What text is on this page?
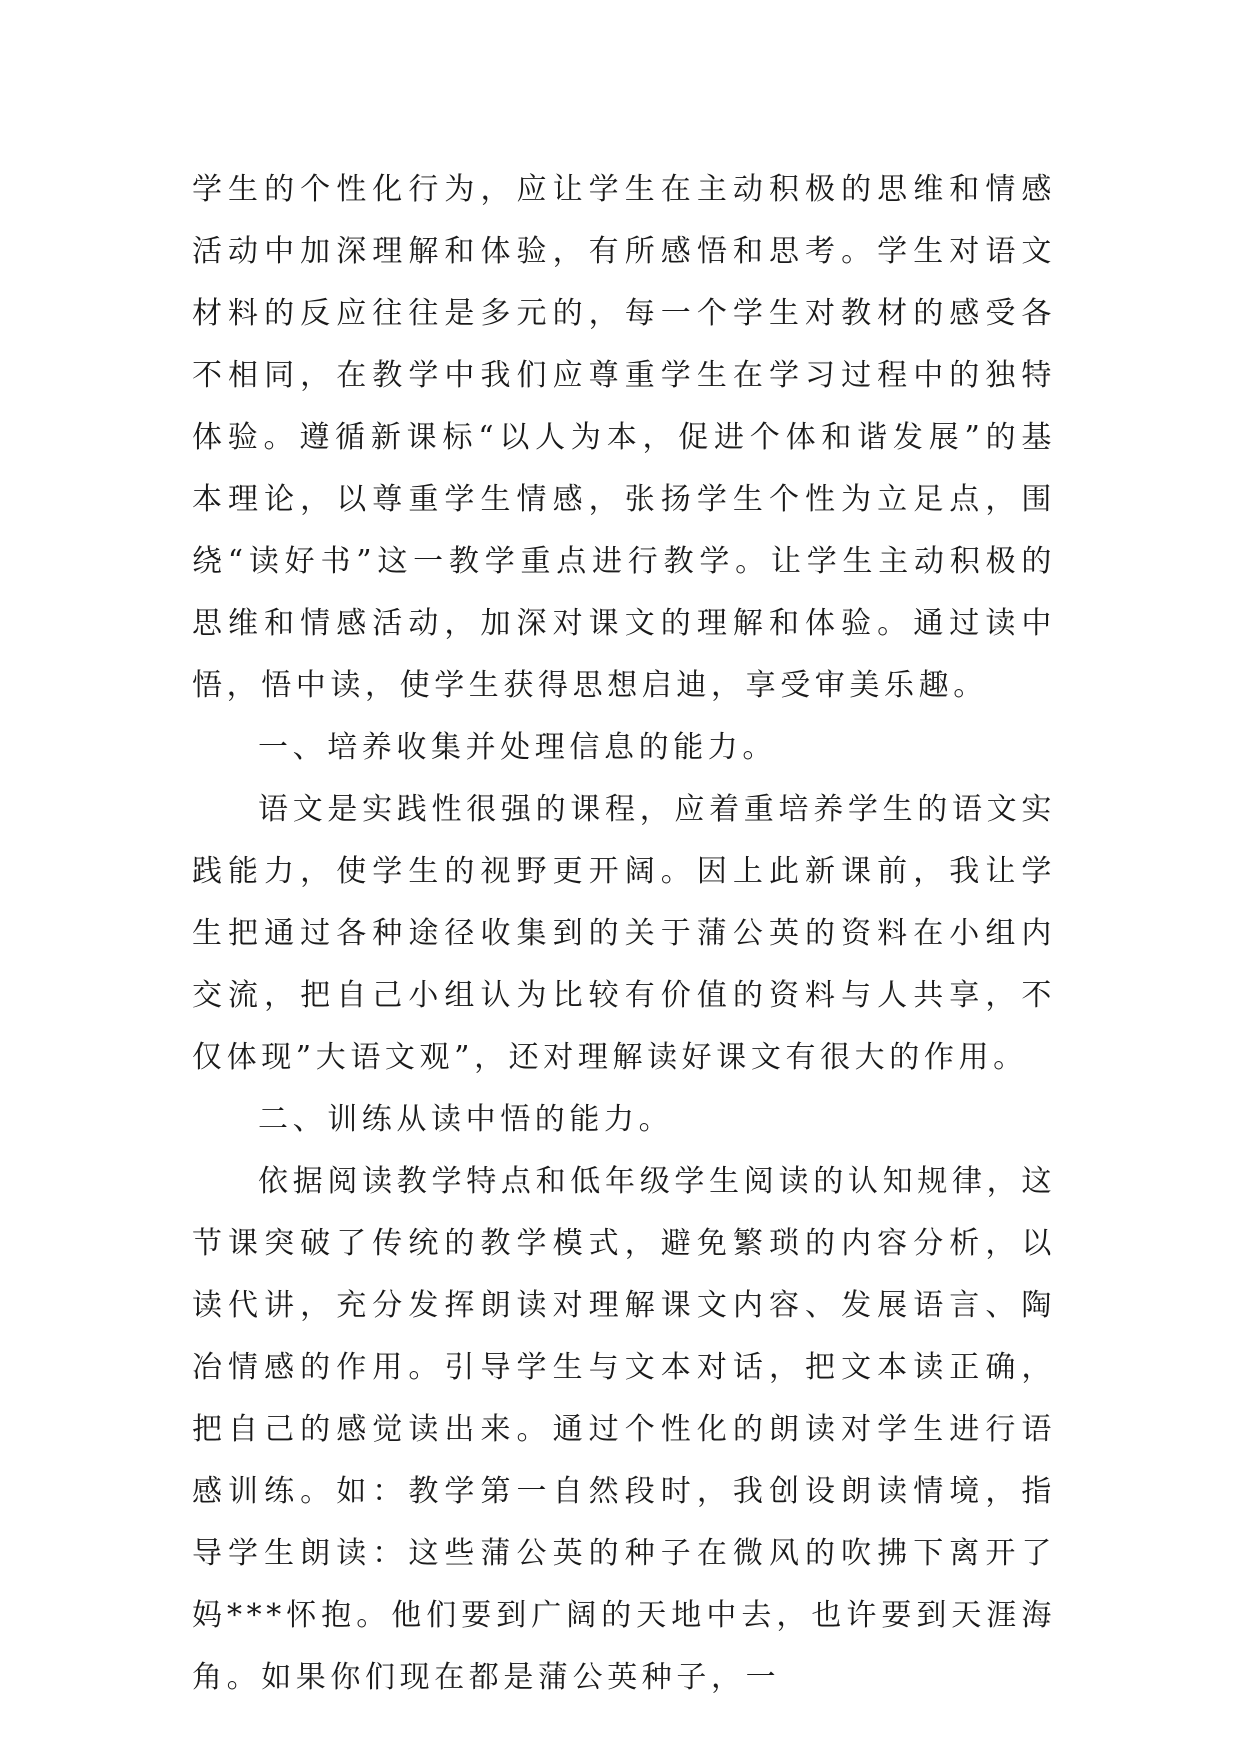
学生的个性化行为，应让学生在主动积极的思维和情感活动中加深理解和体验，有所感悟和思考。学生对语文材料的反应往往是多元的，每一个学生对教材的感受各不相同，在教学中我们应尊重学生在学习过程中的独特体验。遵循新课标“以人为本，促进个体和谐发展”的基本理论，以尊重学生情感，张扬学生个性为立足点，围绕“读好书”这一教学重点进行教学。让学生主动积极的思维和情感活动，加深对课文的理解和体验。通过读中悟，悟中读，使学生获得思想启迪，享受审美乐趣。

一、培养收集并处理信息的能力。

语文是实践性很强的课程，应着重培养学生的语文实践能力，使学生的视野更开阔。因上此新课前，我让学生把通过各种途径收集到的关于蒲公英的资料在小组内交流，把自己小组认为比较有价值的资料与人共享，不仅体现”大语文观”，还对理解读好课文有很大的作用。

二、训练从读中悟的能力。

依据阅读教学特点和低年级学生阅读的认知规律，这节课突破了传统的教学模式，避免繁琐的内容分析，以读代讲，充分发挥朗读对理解课文内容、发展语言、陶冶情感的作用。引导学生与文本对话，把文本读正确，把自己的感觉读出来。通过个性化的朗读对学生进行语感训练。如：教学第一自然段时，我创设朗读情境，指导学生朗读：这些蒲公英的种子在微风的吹拂下离开了妈***怀抱。他们要到广阔的天地中去，也许要到天涯海角。如果你们现在都是蒲公英种子，一
